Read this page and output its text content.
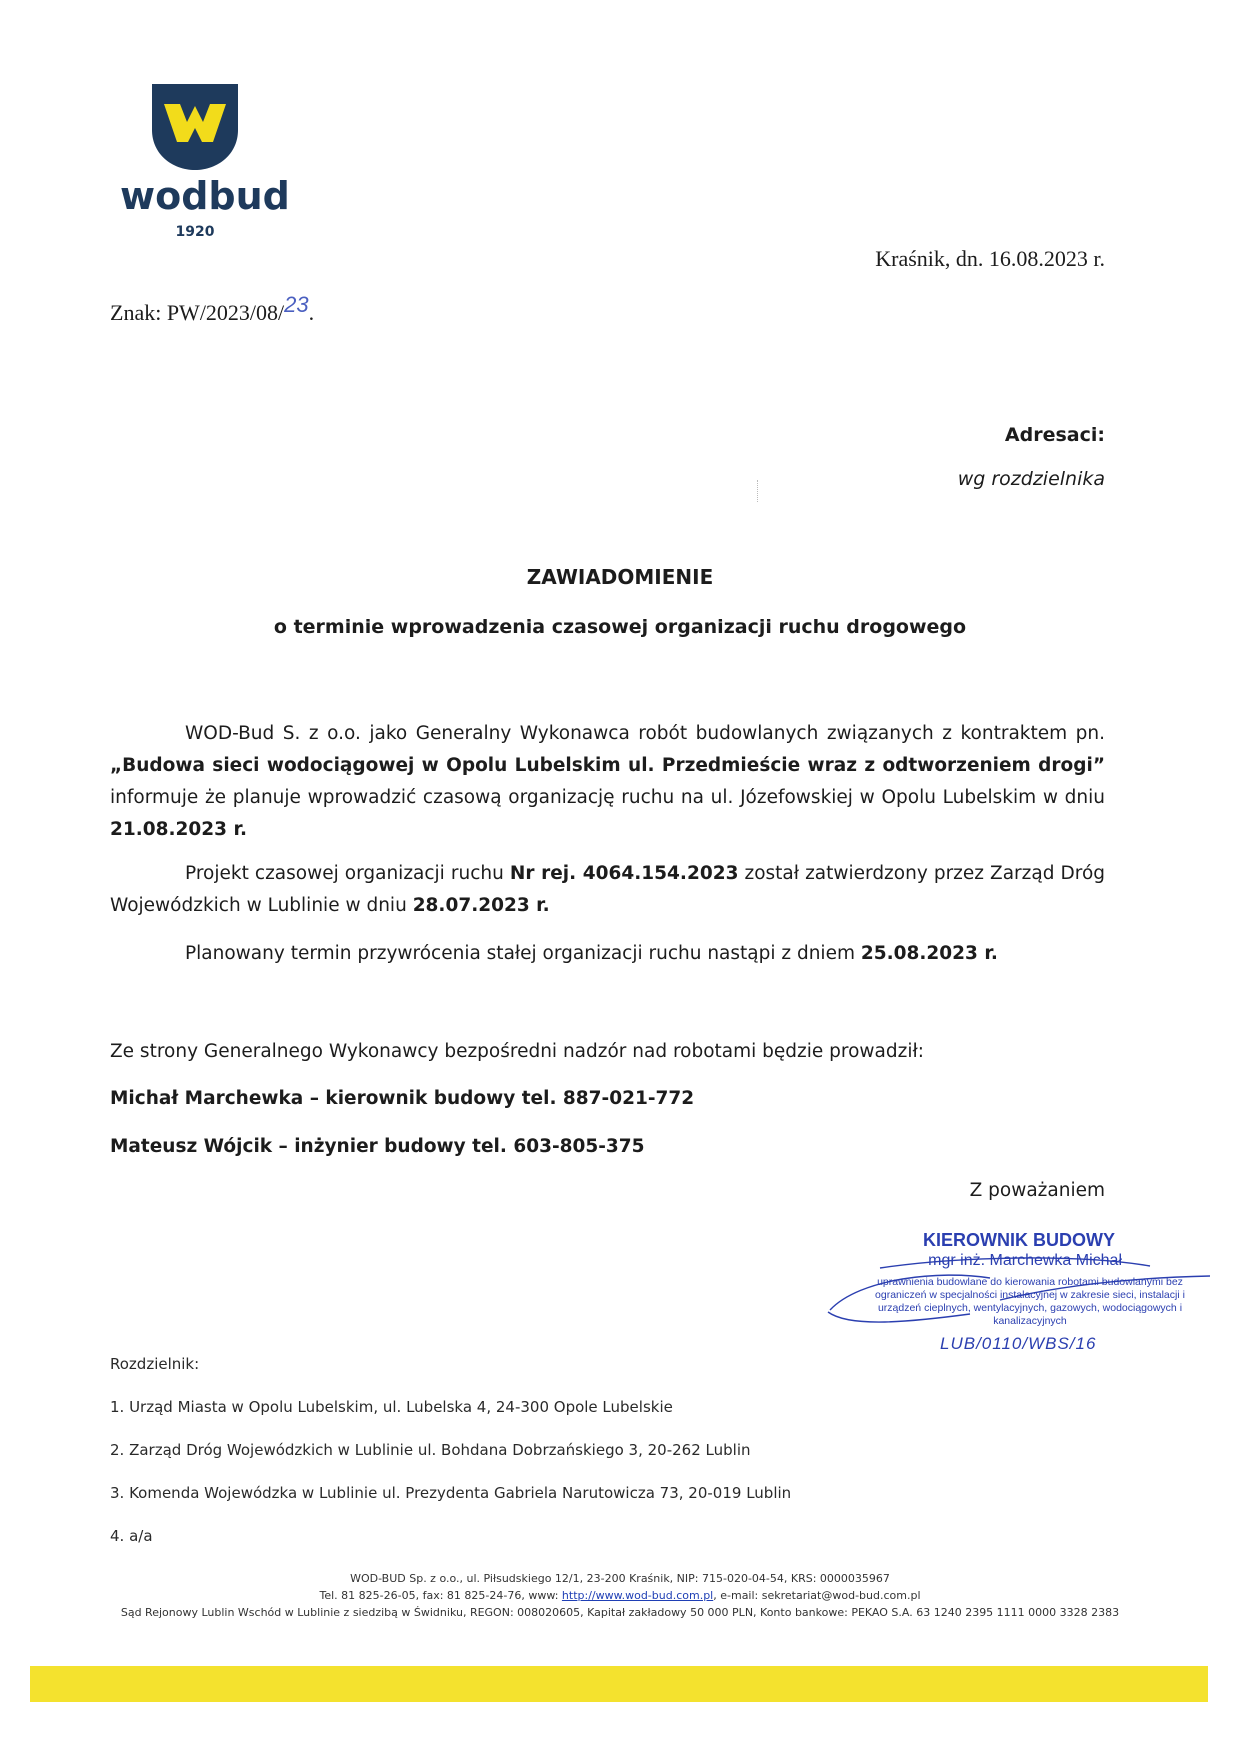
wodbud
1920
Kraśnik, dn. 16.08.2023 r.
Znak: PW/2023/08/23.
Adresaci:
wg rozdzielnika
ZAWIADOMIENIE
o terminie wprowadzenia czasowej organizacji ruchu drogowego
WOD-Bud S. z o.o. jako Generalny Wykonawca robót budowlanych związanych z kontraktem pn. „Budowa sieci wodociągowej w Opolu Lubelskim ul. Przedmieście wraz z odtworzeniem drogi” informuje że planuje wprowadzić czasową organizację ruchu na ul. Józefowskiej w Opolu Lubelskim w dniu 21.08.2023 r.
Projekt czasowej organizacji ruchu Nr rej. 4064.154.2023 został zatwierdzony przez Zarząd Dróg Wojewódzkich w Lublinie w dniu 28.07.2023 r.
Planowany termin przywrócenia stałej organizacji ruchu nastąpi z dniem 25.08.2023 r.
Ze strony Generalnego Wykonawcy bezpośredni nadzór nad robotami będzie prowadził:
Michał Marchewka – kierownik budowy tel. 887-021-772
Mateusz Wójcik – inżynier budowy tel. 603-805-375
Z poważaniem
KIEROWNIK BUDOWY
mgr inż. Marchewka Michał
uprawnienia budowlane do kierowania robotami budowlanymi bez ograniczeń w specjalności instalacyjnej w zakresie sieci, instalacji i urządzeń cieplnych, wentylacyjnych, gazowych, wodociągowych i kanalizacyjnych
LUB/0110/WBS/16
Rozdzielnik:
1. Urząd Miasta w Opolu Lubelskim, ul. Lubelska 4, 24-300 Opole Lubelskie
2. Zarząd Dróg Wojewódzkich w Lublinie ul. Bohdana Dobrzańskiego 3, 20-262 Lublin
3. Komenda Wojewódzka w Lublinie ul. Prezydenta Gabriela Narutowicza 73, 20-019 Lublin
4. a/a
WOD-BUD Sp. z o.o., ul. Piłsudskiego 12/1, 23-200 Kraśnik, NIP: 715-020-04-54, KRS: 0000035967
Tel. 81 825-26-05, fax: 81 825-24-76, www: http://www.wod-bud.com.pl, e-mail: sekretariat@wod-bud.com.pl
Sąd Rejonowy Lublin Wschód w Lublinie z siedzibą w Świdniku, REGON: 008020605, Kapitał zakładowy 50 000 PLN, Konto bankowe: PEKAO S.A. 63 1240 2395 1111 0000 3328 2383
